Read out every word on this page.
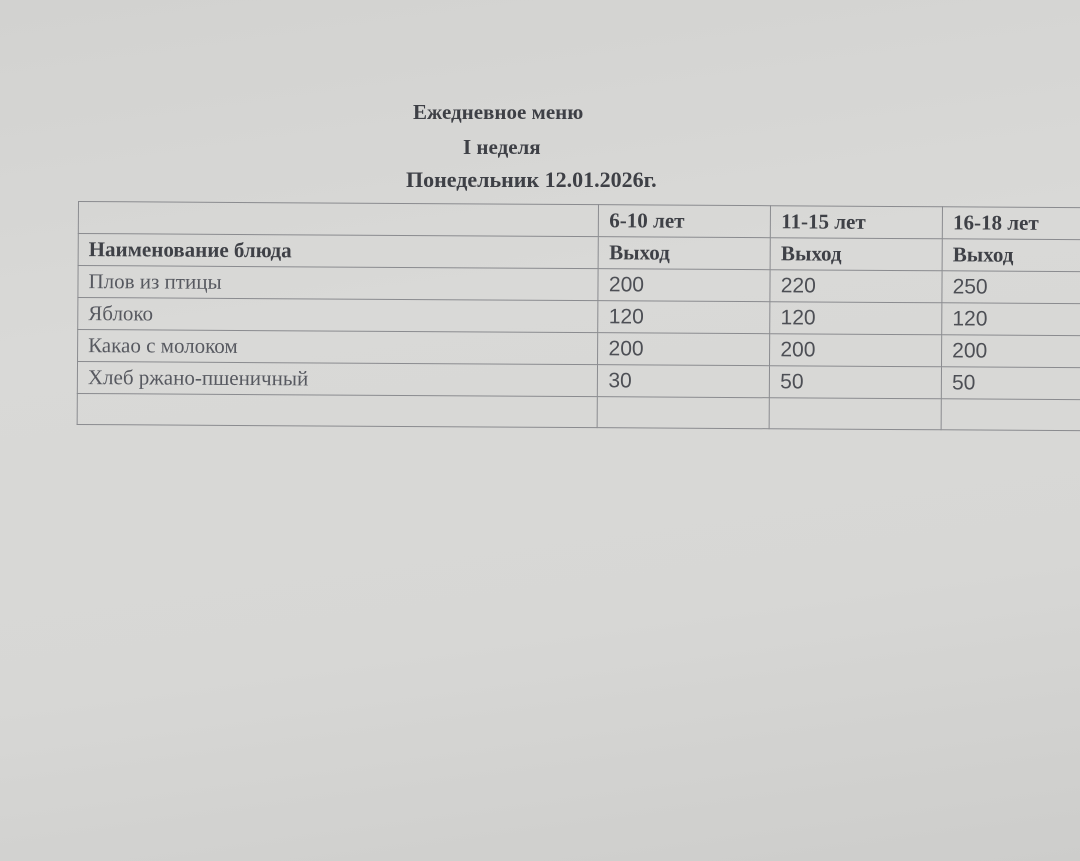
Ежедневное меню
I неделя
Понедельник 12.01.2026г.
	6-10 лет	11-15 лет	16-18 лет
Наименование блюда	Выход	Выход	Выход
Плов из птицы	200	220	250
Яблоко	120	120	120
Какао с молоком	200	200	200
Хлеб ржано-пшеничный	30	50	50
